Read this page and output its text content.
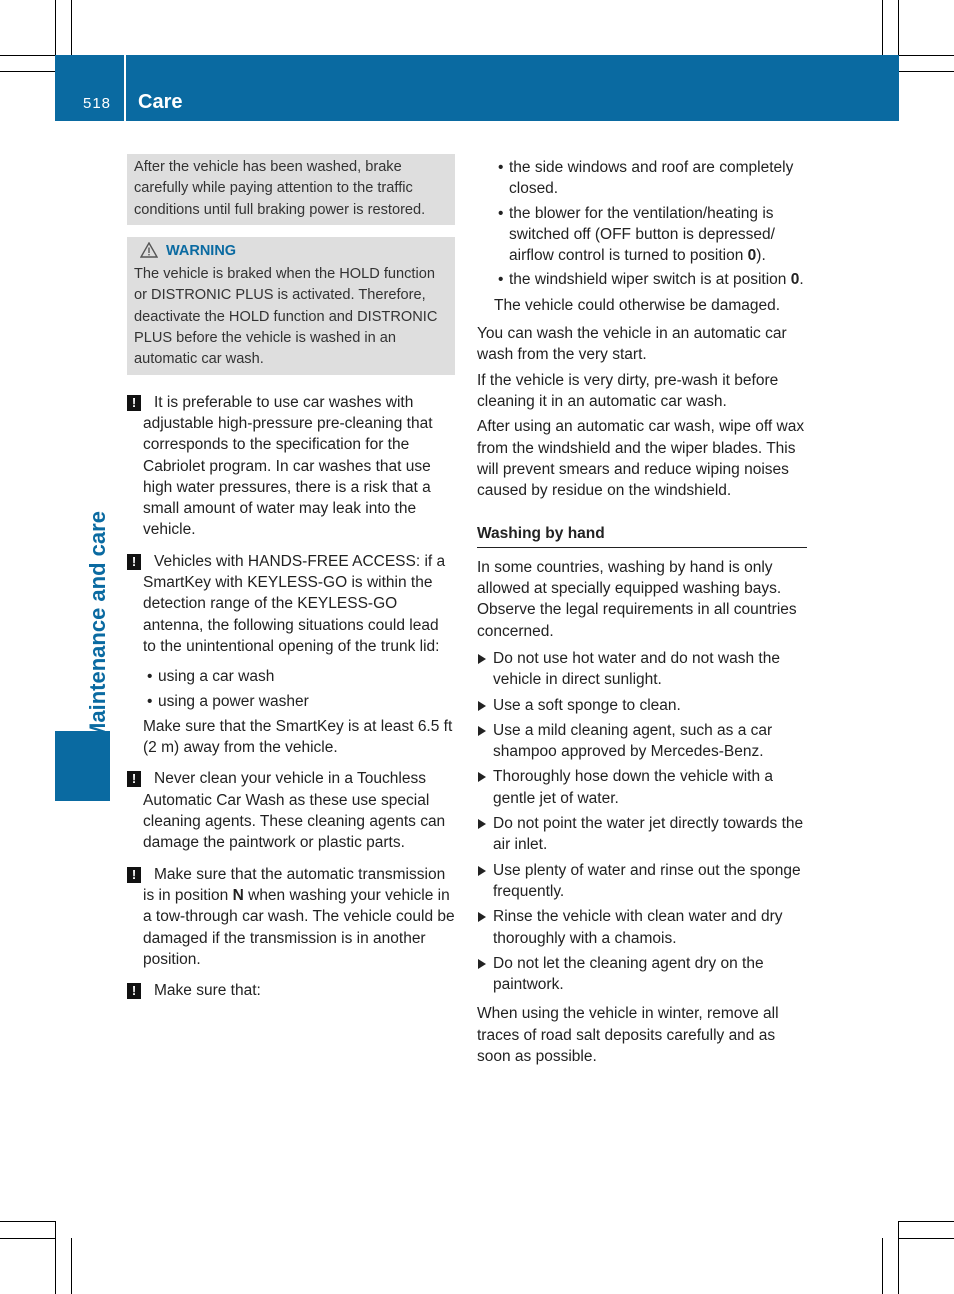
518 Care
Maintenance and care
After the vehicle has been washed, brake carefully while paying attention to the traffic conditions until full braking power is restored.
WARNING
The vehicle is braked when the HOLD function or DISTRONIC PLUS is activated. Therefore, deactivate the HOLD function and DISTRONIC PLUS before the vehicle is washed in an automatic car wash.
!	It is preferable to use car washes with adjustable high-pressure pre-cleaning that corresponds to the specification for the Cabriolet program. In car washes that use high water pressures, there is a risk that a small amount of water may leak into the vehicle.
!	Vehicles with HANDS-FREE ACCESS: if a SmartKey with KEYLESS-GO is within the detection range of the KEYLESS-GO antenna, the following situations could lead to the unintentional opening of the trunk lid:
• using a car wash
• using a power washer
Make sure that the SmartKey is at least 6.5 ft (2 m) away from the vehicle.
!	Never clean your vehicle in a Touchless Automatic Car Wash as these use special cleaning agents. These cleaning agents can damage the paintwork or plastic parts.
!	Make sure that the automatic transmission is in position N when washing your vehicle in a tow-through car wash. The vehicle could be damaged if the transmission is in another position.
!	Make sure that:
• the side windows and roof are completely closed.
• the blower for the ventilation/heating is switched off (OFF button is depressed/ airflow control is turned to position 0).
• the windshield wiper switch is at position 0.
The vehicle could otherwise be damaged.
You can wash the vehicle in an automatic car wash from the very start.
If the vehicle is very dirty, pre-wash it before cleaning it in an automatic car wash.
After using an automatic car wash, wipe off wax from the windshield and the wiper blades. This will prevent smears and reduce wiping noises caused by residue on the windshield.
Washing by hand
In some countries, washing by hand is only allowed at specially equipped washing bays. Observe the legal requirements in all countries concerned.
Do not use hot water and do not wash the vehicle in direct sunlight.
Use a soft sponge to clean.
Use a mild cleaning agent, such as a car shampoo approved by Mercedes-Benz.
Thoroughly hose down the vehicle with a gentle jet of water.
Do not point the water jet directly towards the air inlet.
Use plenty of water and rinse out the sponge frequently.
Rinse the vehicle with clean water and dry thoroughly with a chamois.
Do not let the cleaning agent dry on the paintwork.
When using the vehicle in winter, remove all traces of road salt deposits carefully and as soon as possible.
